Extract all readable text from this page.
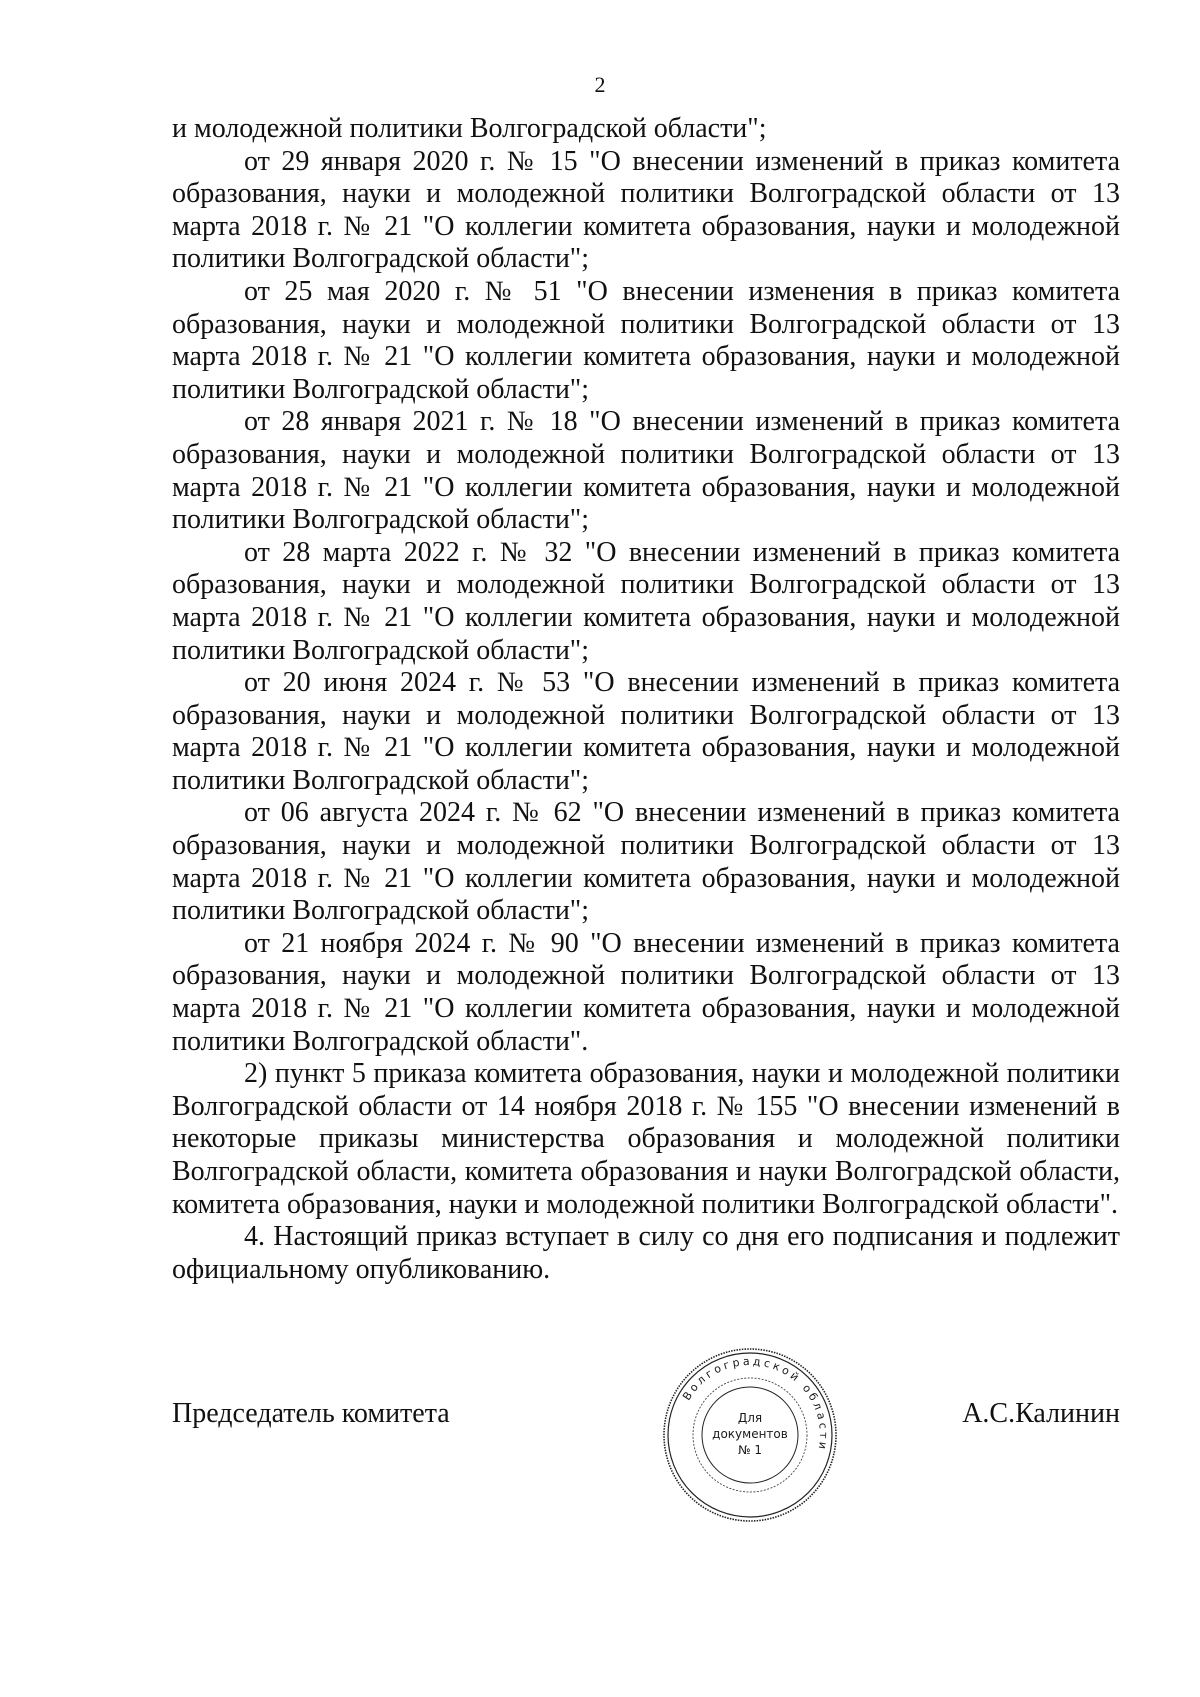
2

и молодежной политики Волгоградской области";

от 29 января 2020 г. № 15 "О внесении изменений в приказ комитета образования, науки и молодежной политики Волгоградской области от 13 марта 2018 г. № 21 "О коллегии комитета образования, науки и молодежной политики Волгоградской области";

от 25 мая 2020 г. № 51 "О внесении изменения в приказ комитета образования, науки и молодежной политики Волгоградской области от 13 марта 2018 г. № 21 "О коллегии комитета образования, науки и молодежной политики Волгоградской области";

от 28 января 2021 г. № 18 "О внесении изменений в приказ комитета образования, науки и молодежной политики Волгоградской области от 13 марта 2018 г. № 21 "О коллегии комитета образования, науки и молодежной политики Волгоградской области";

от 28 марта 2022 г. № 32 "О внесении изменений в приказ комитета образования, науки и молодежной политики Волгоградской области от 13 марта 2018 г. № 21 "О коллегии комитета образования, науки и молодежной политики Волгоградской области";

от 20 июня 2024 г. № 53 "О внесении изменений в приказ комитета образования, науки и молодежной политики Волгоградской области от 13 марта 2018 г. № 21 "О коллегии комитета образования, науки и молодежной политики Волгоградской области";

от 06 августа 2024 г. № 62 "О внесении изменений в приказ комитета образования, науки и молодежной политики Волгоградской области от 13 марта 2018 г. № 21 "О коллегии комитета образования, науки и молодежной политики Волгоградской области";

от 21 ноября 2024 г. № 90 "О внесении изменений в приказ комитета образования, науки и молодежной политики Волгоградской области от 13 марта 2018 г. № 21 "О коллегии комитета образования, науки и молодежной политики Волгоградской области".

2) пункт 5 приказа комитета образования, науки и молодежной политики Волгоградской области от 14 ноября 2018 г. № 155 "О внесении изменений в некоторые приказы министерства образования и молодежной политики Волгоградской области, комитета образования и науки Волгоградской области, комитета образования, науки и молодежной политики Волгоградской области".

4. Настоящий приказ вступает в силу со дня его подписания и подлежит официальному опубликованию.

Председатель комитета	А.С.Калинин
Волгоградской области
Для
документов
№ 1
